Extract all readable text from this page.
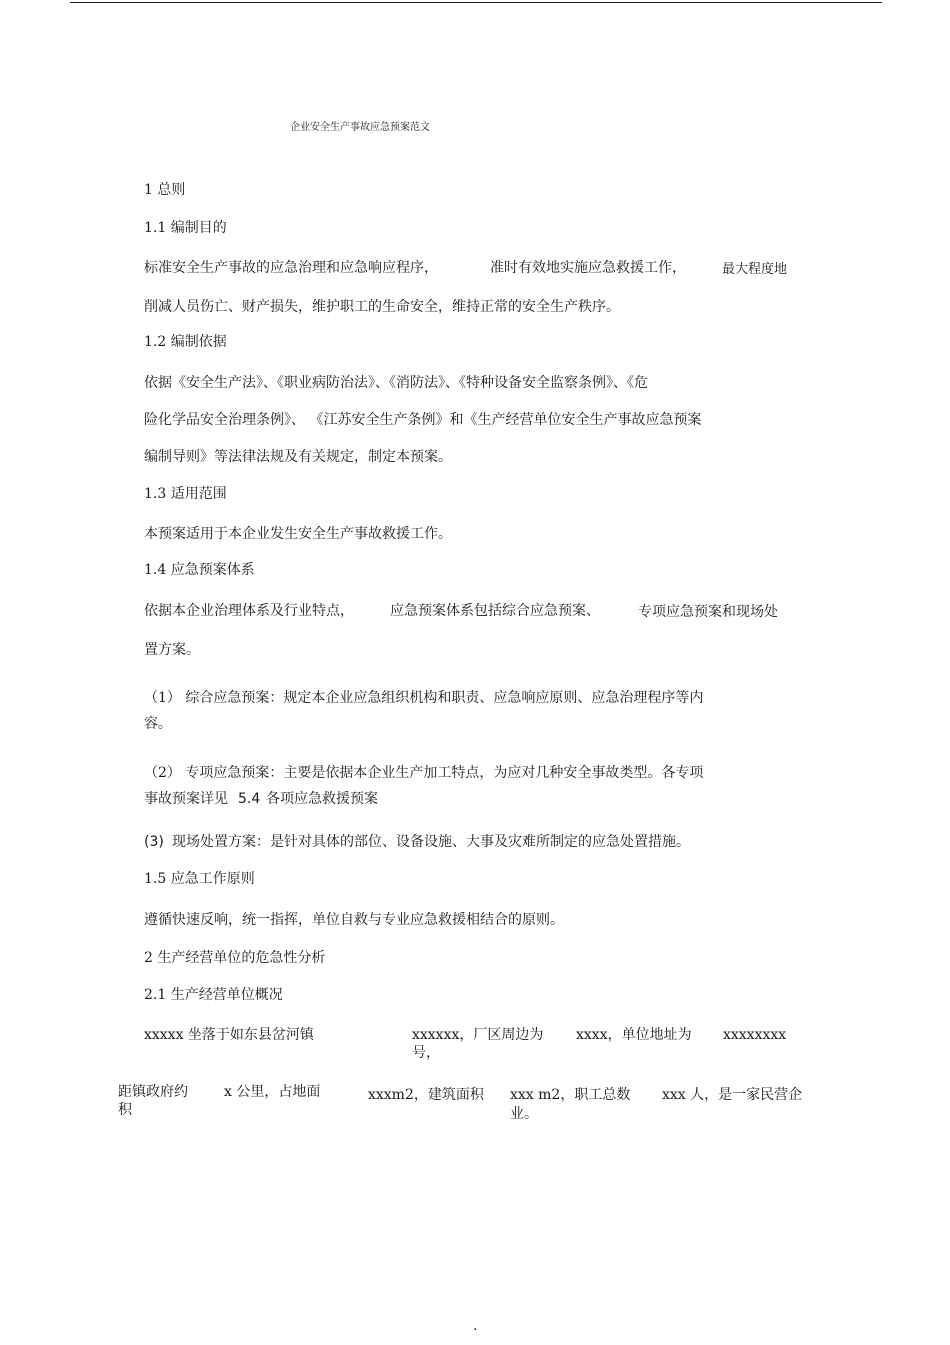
企业安全生产事故应急预案范文
1 总则
1.1 编制目的
标准安全生产事故的应急治理和应急响应程序，	准时有效地实施应急救援工作，	最大程度地
削减人员伤亡、财产损失，维护职工的生命安全，维持正常的安全生产秩序。
1.2 编制依据
依据《安全生产法》、《职业病防治法》、《消防法》、《特种设备安全监察条例》、《危
险化学品安全治理条例》、 《江苏安全生产条例》和《生产经营单位安全生产事故应急预案
编制导则》等法律法规及有关规定，制定本预案。
1.3 适用范围
本预案适用于本企业发生安全生产事故救援工作。
1.4 应急预案体系
依据本企业治理体系及行业特点，	应急预案体系包括综合应急预案、	专项应急预案和现场处
置方案。
（1） 综合应急预案：规定本企业应急组织机构和职责、应急响应原则、应急治理程序等内
容。
（2） 专项应急预案：主要是依据本企业生产加工特点，为应对几种安全事故类型。各专项
事故预案详见 5.4 各项应急救援预案
(3) 现场处置方案：是针对具体的部位、设备设施、大事及灾难所制定的应急处置措施。
1.5 应急工作原则
遵循快速反响，统一指挥，单位自救与专业应急救援相结合的原则。
2 生产经营单位的危急性分析
2.1 生产经营单位概况
xxxxx 坐落于如东县岔河镇	xxxxxx，厂区周边为
号，
xxxx，单位地址为 xxxxxxxx
距镇政府约
积
x 公里，占地面	xxxm2，建筑面积 xxx m2，职工总数
业。
xxx 人，是一家民营企
.
